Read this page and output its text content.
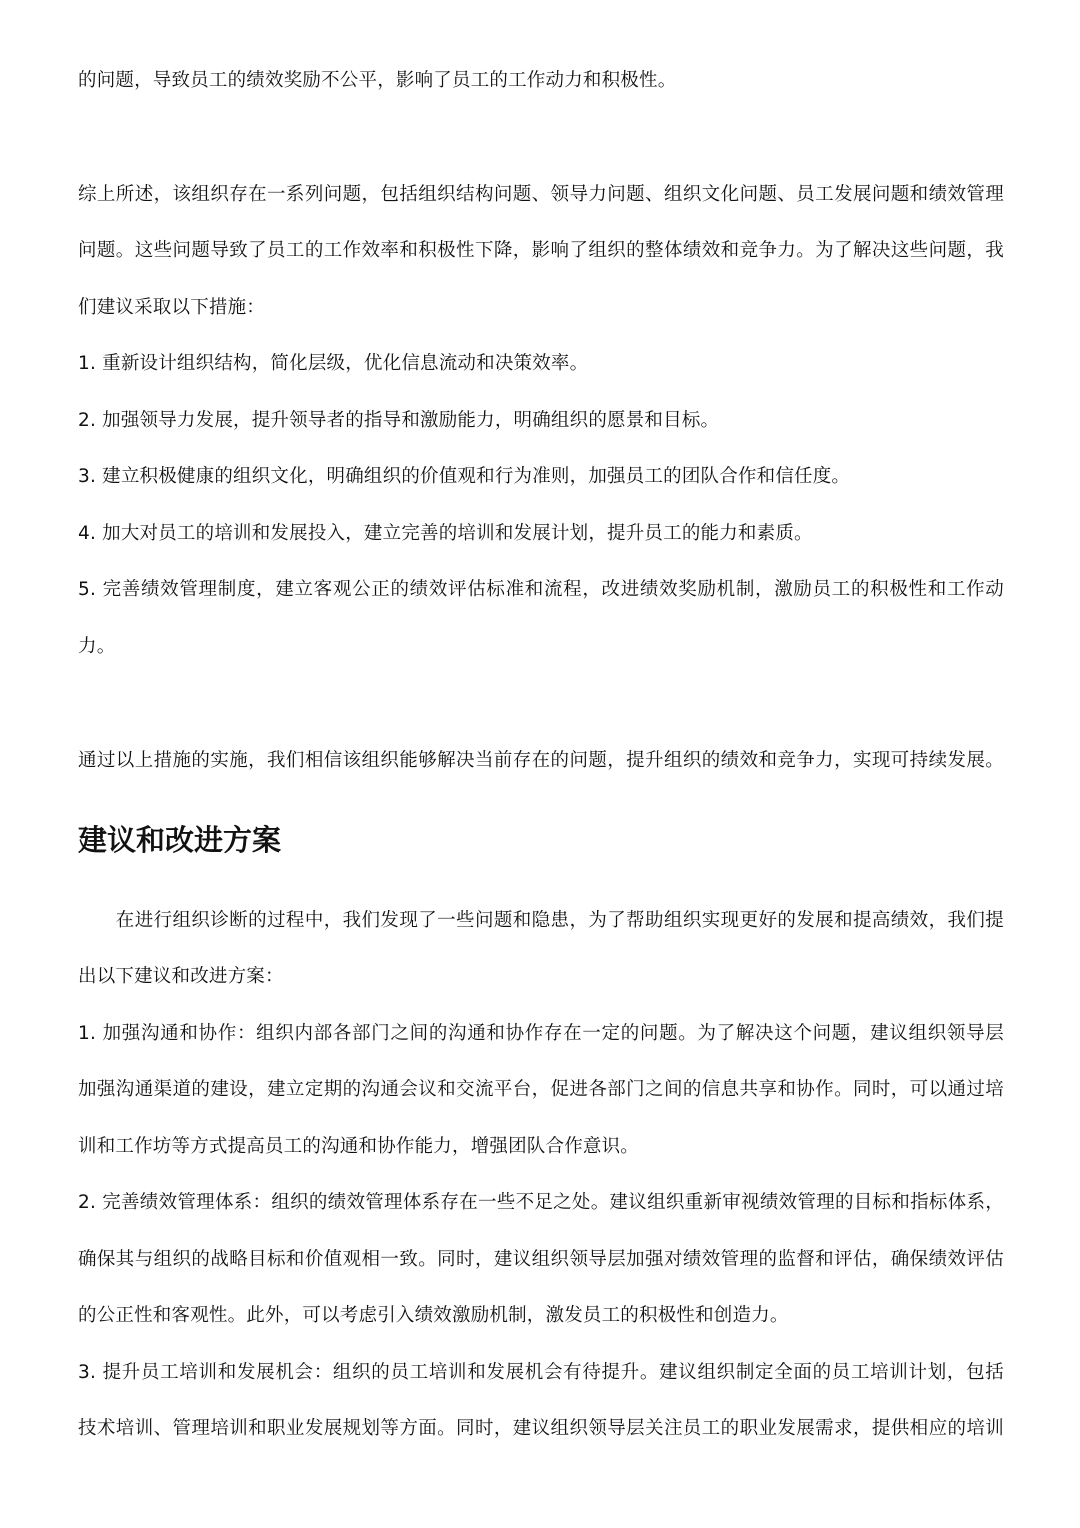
的问题，导致员工的绩效奖励不公平，影响了员工的工作动力和积极性。
综上所述，该组织存在一系列问题，包括组织结构问题、领导力问题、组织文化问题、员工发展问题和绩效管理
问题。这些问题导致了员工的工作效率和积极性下降，影响了组织的整体绩效和竞争力。为了解决这些问题，我
们建议采取以下措施：
1. 重新设计组织结构，简化层级，优化信息流动和决策效率。
2. 加强领导力发展，提升领导者的指导和激励能力，明确组织的愿景和目标。
3. 建立积极健康的组织文化，明确组织的价值观和行为准则，加强员工的团队合作和信任度。
4. 加大对员工的培训和发展投入，建立完善的培训和发展计划，提升员工的能力和素质。
5. 完善绩效管理制度，建立客观公正的绩效评估标准和流程，改进绩效奖励机制，激励员工的积极性和工作动
力。
通过以上措施的实施，我们相信该组织能够解决当前存在的问题，提升组织的绩效和竞争力，实现可持续发展。
建议和改进方案
　　在进行组织诊断的过程中，我们发现了一些问题和隐患，为了帮助组织实现更好的发展和提高绩效，我们提
出以下建议和改进方案：
1. 加强沟通和协作：组织内部各部门之间的沟通和协作存在一定的问题。为了解决这个问题，建议组织领导层
加强沟通渠道的建设，建立定期的沟通会议和交流平台，促进各部门之间的信息共享和协作。同时，可以通过培
训和工作坊等方式提高员工的沟通和协作能力，增强团队合作意识。
2. 完善绩效管理体系：组织的绩效管理体系存在一些不足之处。建议组织重新审视绩效管理的目标和指标体系，
确保其与组织的战略目标和价值观相一致。同时，建议组织领导层加强对绩效管理的监督和评估，确保绩效评估
的公正性和客观性。此外，可以考虑引入绩效激励机制，激发员工的积极性和创造力。
3. 提升员工培训和发展机会：组织的员工培训和发展机会有待提升。建议组织制定全面的员工培训计划，包括
技术培训、管理培训和职业发展规划等方面。同时，建议组织领导层关注员工的职业发展需求，提供相应的培训
